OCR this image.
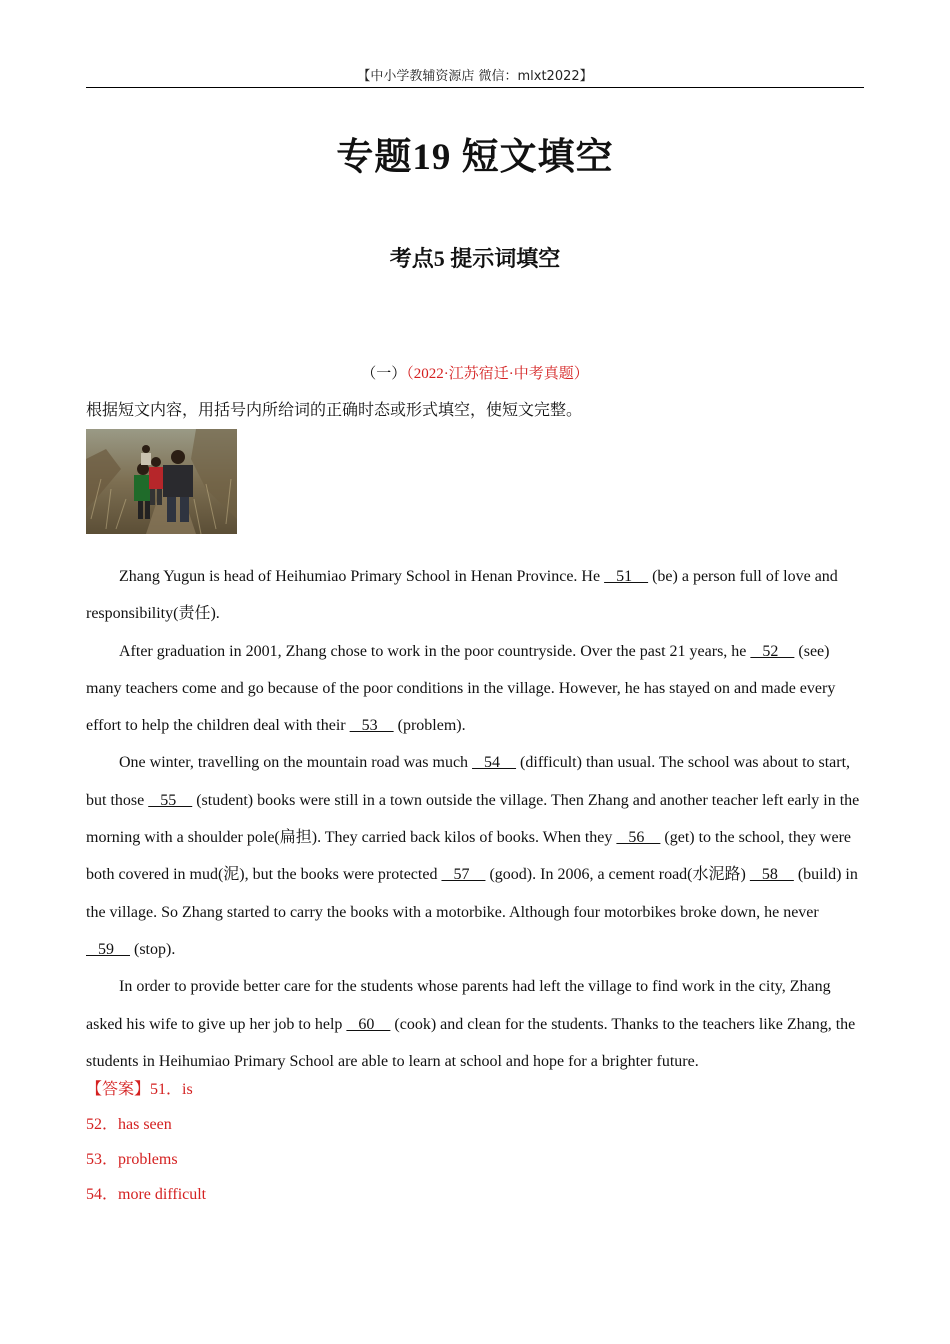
【中小学教辅资源店 微信：mlxt2022】
专题19 短文填空
考点5 提示词填空
（一）（2022·江苏宿迁·中考真题）
根据短文内容，用括号内所给词的正确时态或形式填空，使短文完整。

Zhang Yugun is head of Heihumiao Primary School in Henan Province. He    51     (be) a person full of love and responsibility(责任).

After graduation in 2001, Zhang chose to work in the poor countryside. Over the past 21 years, he    52     (see) many teachers come and go because of the poor conditions in the village. However, he has stayed on and made every effort to help the children deal with their    53     (problem).

One winter, travelling on the mountain road was much    54     (difficult) than usual. The school was about to start, but those    55     (student) books were still in a town outside the village. Then Zhang and another teacher left early in the morning with a shoulder pole(扁担). They carried back kilos of books. When they    56     (get) to the school, they were both covered in mud(泥), but the books were protected    57     (good). In 2006, a cement road(水泥路)    58     (build) in the village. So Zhang started to carry the books with a motorbike. Although four motorbikes broke down, he never    59     (stop).

In order to provide better care for the students whose parents had left the village to find work in the city, Zhang asked his wife to give up her job to help    60     (cook) and clean for the students. Thanks to the teachers like Zhang, the students in Heihumiao Primary School are able to learn at school and hope for a brighter future.

【答案】51．is
52．has seen
53．problems
54．more difficult
